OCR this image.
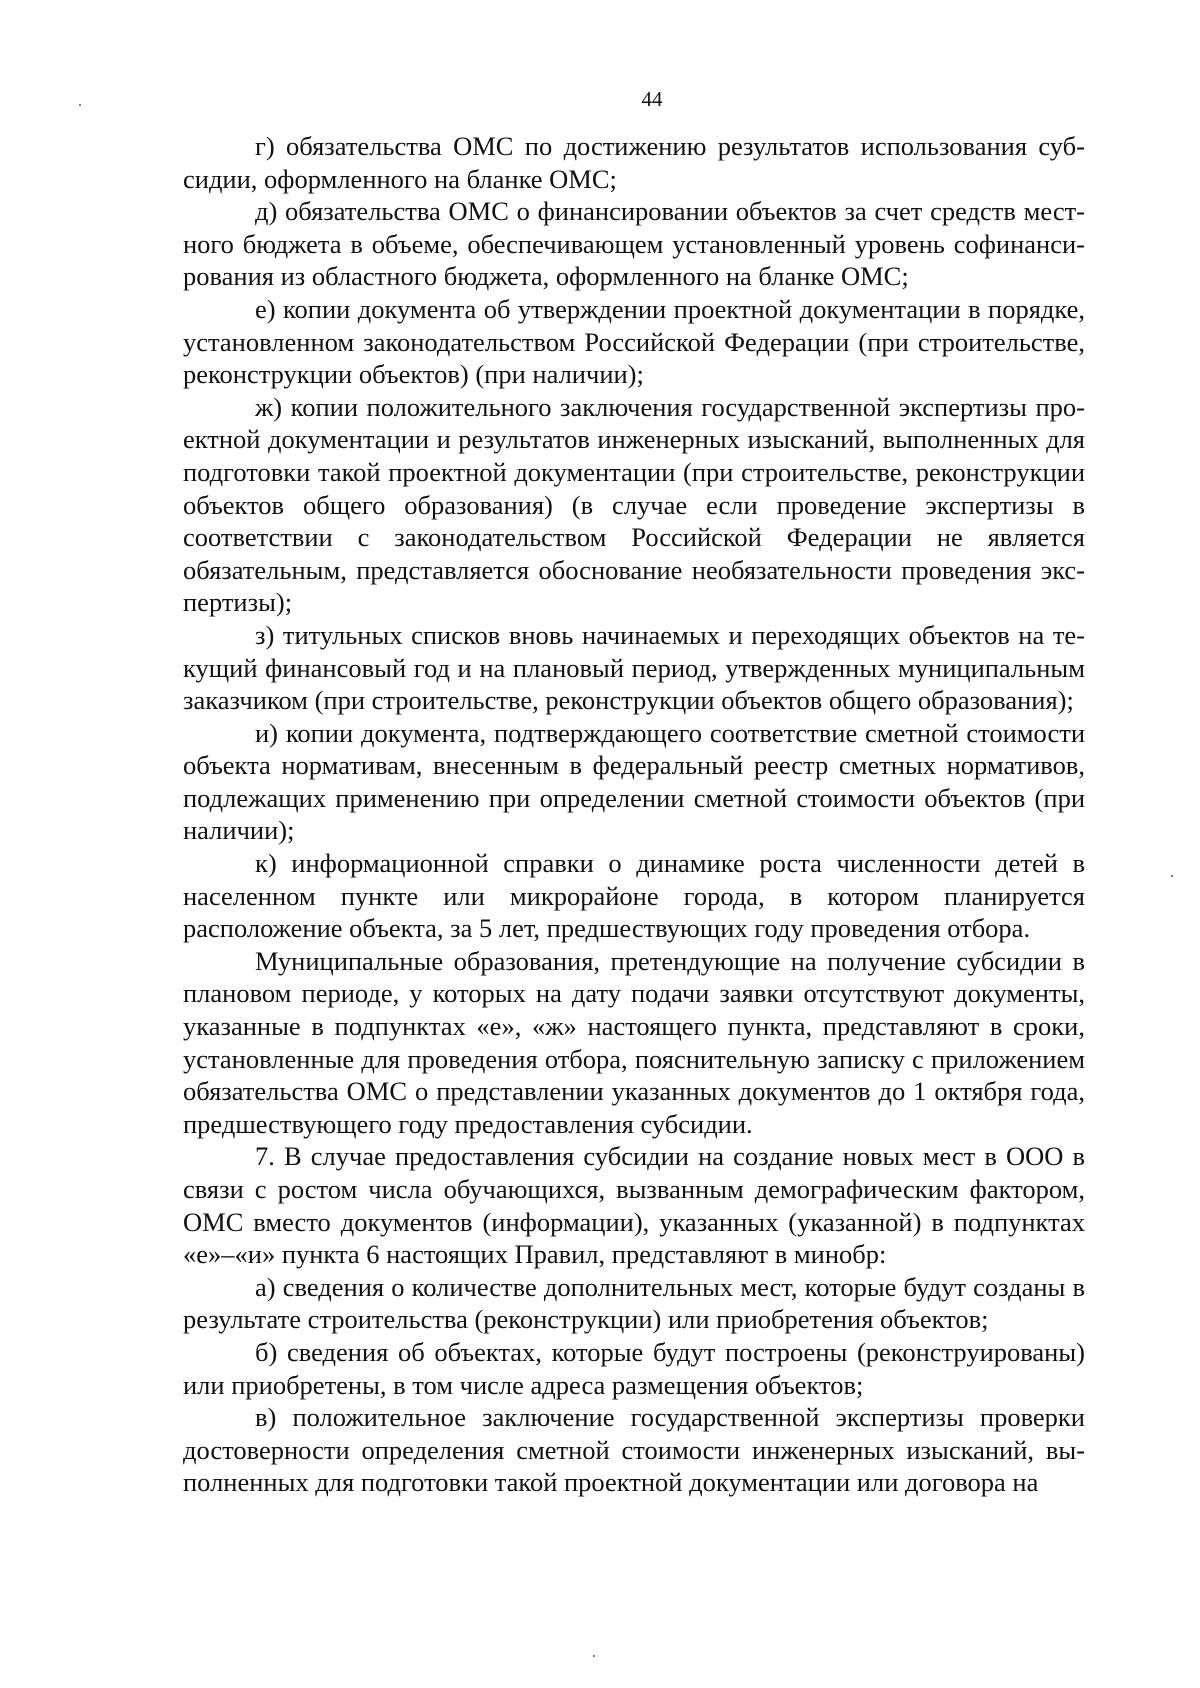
44

г) обязательства ОМС по достижению результатов использования субсидии, оформленного на бланке ОМС;

д) обязательства ОМС о финансировании объектов за счет средств местного бюджета в объеме, обеспечивающем установленный уровень софинансирования из областного бюджета, оформленного на бланке ОМС;

е) копии документа об утверждении проектной документации в порядке, установленном законодательством Российской Федерации (при строительстве, реконструкции объектов) (при наличии);

ж) копии положительного заключения государственной экспертизы проектной документации и результатов инженерных изысканий, выполненных для подготовки такой проектной документации (при строительстве, реконструкции объектов общего образования) (в случае если проведение экспертизы в соответствии с законодательством Российской Федерации не является обязательным, представляется обоснование необязательности проведения экспертизы);

з) титульных списков вновь начинаемых и переходящих объектов на текущий финансовый год и на плановый период, утвержденных муниципальным заказчиком (при строительстве, реконструкции объектов общего образования);

и) копии документа, подтверждающего соответствие сметной стоимости объекта нормативам, внесенным в федеральный реестр сметных нормативов, подлежащих применению при определении сметной стоимости объектов (при наличии);

к) информационной справки о динамике роста численности детей в населенном пункте или микрорайоне города, в котором планируется расположение объекта, за 5 лет, предшествующих году проведения отбора.

Муниципальные образования, претендующие на получение субсидии в плановом периоде, у которых на дату подачи заявки отсутствуют документы, указанные в подпунктах «е», «ж» настоящего пункта, представляют в сроки, установленные для проведения отбора, пояснительную записку с приложением обязательства ОМС о представлении указанных документов до 1 октября года, предшествующего году предоставления субсидии.

7. В случае предоставления субсидии на создание новых мест в ООО в связи с ростом числа обучающихся, вызванным демографическим фактором, ОМС вместо документов (информации), указанных (указанной) в подпунктах «е»–«и» пункта 6 настоящих Правил, представляют в минобр:

а) сведения о количестве дополнительных мест, которые будут созданы в результате строительства (реконструкции) или приобретения объектов;

б) сведения об объектах, которые будут построены (реконструированы) или приобретены, в том числе адреса размещения объектов;

в) положительное заключение государственной экспертизы проверки достоверности определения сметной стоимости инженерных изысканий, выполненных для подготовки такой проектной документации или договора на
